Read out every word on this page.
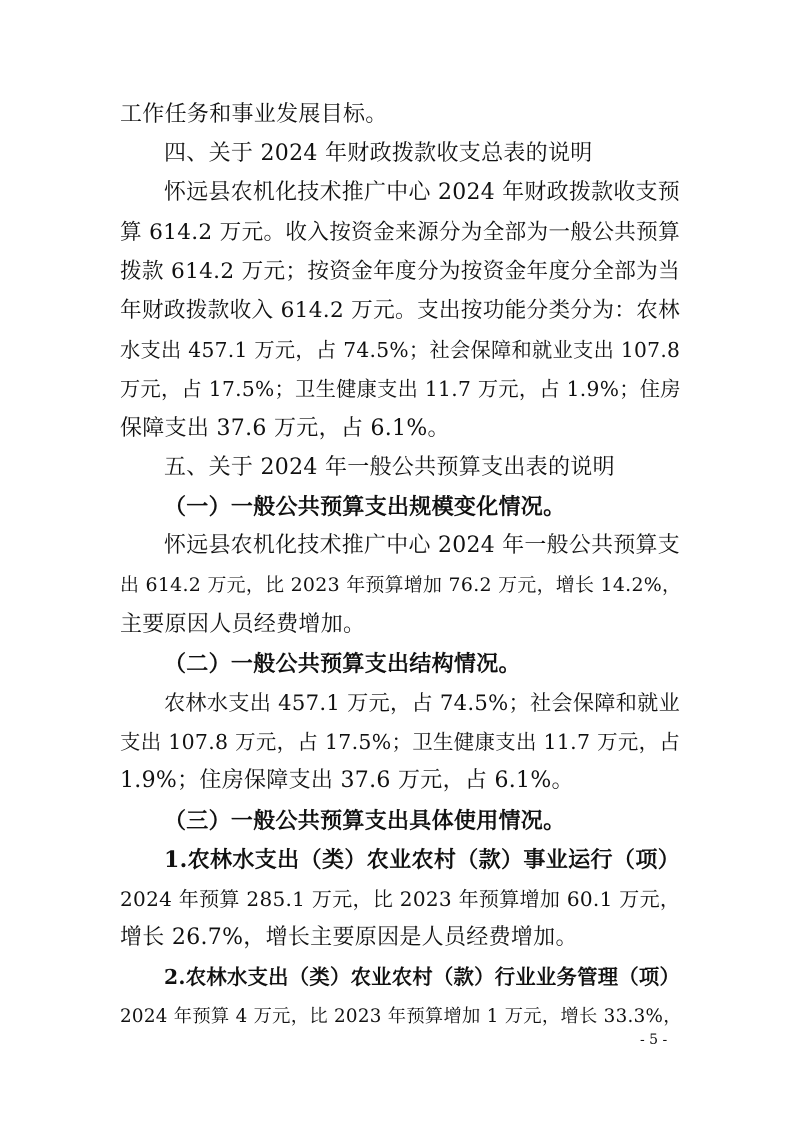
工作任务和事业发展目标。
四、关于 2024 年财政拨款收支总表的说明
怀远县农机化技术推广中心 2024 年财政拨款收支预
算 614.2 万元。收入按资金来源分为全部为一般公共预算
拨款 614.2 万元；按资金年度分为按资金年度分全部为当
年财政拨款收入 614.2 万元。支出按功能分类分为：农林
水支出 457.1 万元，占 74.5%；社会保障和就业支出 107.8
万元，占 17.5%；卫生健康支出 11.7 万元，占 1.9%；住房
保障支出 37.6 万元，占 6.1%。
五、关于 2024 年一般公共预算支出表的说明
（一）一般公共预算支出规模变化情况。
怀远县农机化技术推广中心 2024 年一般公共预算支
出 614.2 万元，比 2023 年预算增加 76.2 万元，增长 14.2%，
主要原因人员经费增加。
（二）一般公共预算支出结构情况。
农林水支出 457.1 万元，占 74.5%；社会保障和就业
支出 107.8 万元，占 17.5%；卫生健康支出 11.7 万元，占
1.9%；住房保障支出 37.6 万元，占 6.1%。
（三）一般公共预算支出具体使用情况。
1.农林水支出（类）农业农村（款）事业运行（项）
2024 年预算 285.1 万元，比 2023 年预算增加 60.1 万元，
增长 26.7%，增长主要原因是人员经费增加。
2.农林水支出（类）农业农村（款）行业业务管理（项）
2024 年预算 4 万元，比 2023 年预算增加 1 万元，增长 33.3%，
- 5 -
